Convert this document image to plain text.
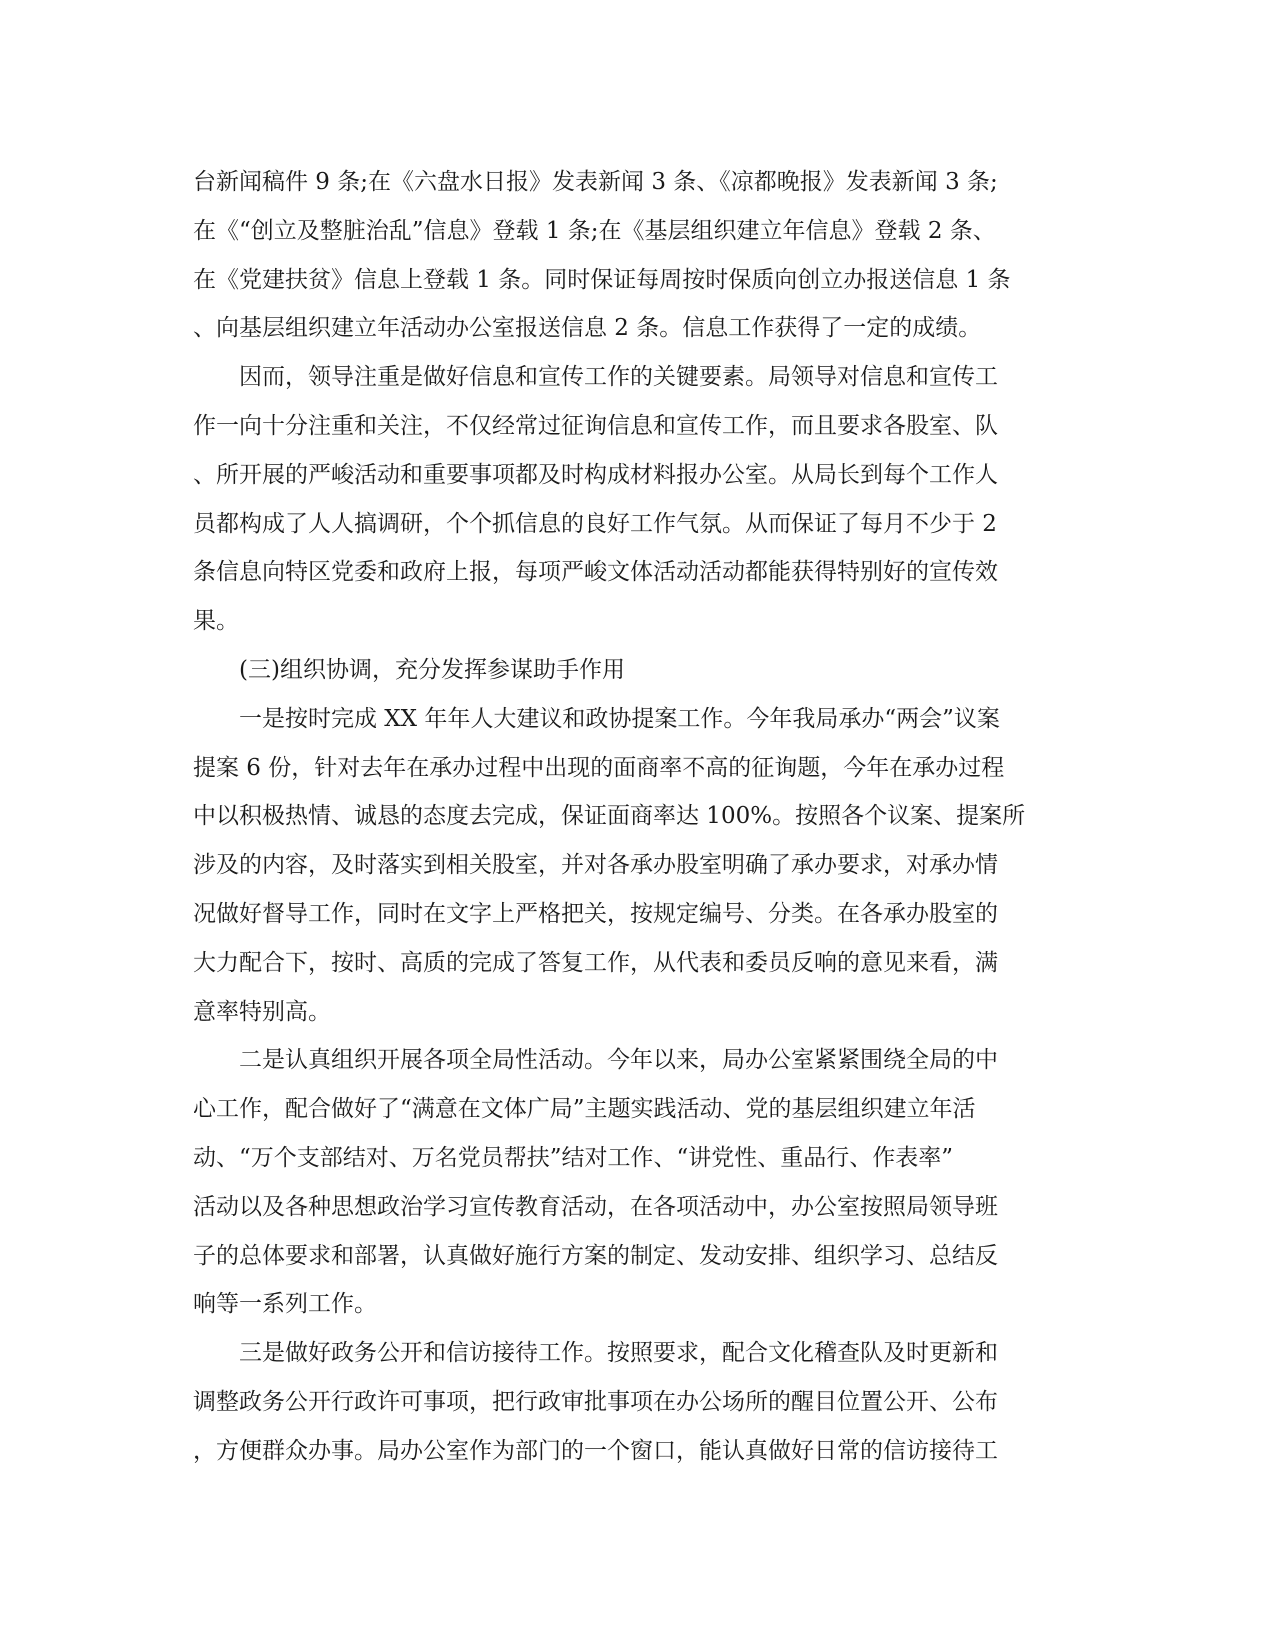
台新闻稿件 9 条;在《六盘水日报》发表新闻 3 条、《凉都晚报》发表新闻 3 条;
在《“创立及整脏治乱”信息》登载 1 条;在《基层组织建立年信息》登载 2 条、
在《党建扶贫》信息上登载 1 条。同时保证每周按时保质向创立办报送信息 1 条
、向基层组织建立年活动办公室报送信息 2 条。信息工作获得了一定的成绩。
因而，领导注重是做好信息和宣传工作的关键要素。局领导对信息和宣传工
作一向十分注重和关注，不仅经常过征询信息和宣传工作，而且要求各股室、队
、所开展的严峻活动和重要事项都及时构成材料报办公室。从局长到每个工作人
员都构成了人人搞调研，个个抓信息的良好工作气氛。从而保证了每月不少于 2
条信息向特区党委和政府上报，每项严峻文体活动活动都能获得特别好的宣传效
果。
(三)组织协调，充分发挥参谋助手作用
一是按时完成 XX 年年人大建议和政协提案工作。今年我局承办“两会”议案
提案 6 份，针对去年在承办过程中出现的面商率不高的征询题，今年在承办过程
中以积极热情、诚恳的态度去完成，保证面商率达 100%。按照各个议案、提案所
涉及的内容，及时落实到相关股室，并对各承办股室明确了承办要求，对承办情
况做好督导工作，同时在文字上严格把关，按规定编号、分类。在各承办股室的
大力配合下，按时、高质的完成了答复工作，从代表和委员反响的意见来看，满
意率特别高。
二是认真组织开展各项全局性活动。今年以来，局办公室紧紧围绕全局的中
心工作，配合做好了“满意在文体广局”主题实践活动、党的基层组织建立年活
动、“万个支部结对、万名党员帮扶”结对工作、“讲党性、重品行、作表率”
活动以及各种思想政治学习宣传教育活动，在各项活动中，办公室按照局领导班
子的总体要求和部署，认真做好施行方案的制定、发动安排、组织学习、总结反
响等一系列工作。
三是做好政务公开和信访接待工作。按照要求，配合文化稽查队及时更新和
调整政务公开行政许可事项，把行政审批事项在办公场所的醒目位置公开、公布
，方便群众办事。局办公室作为部门的一个窗口，能认真做好日常的信访接待工
